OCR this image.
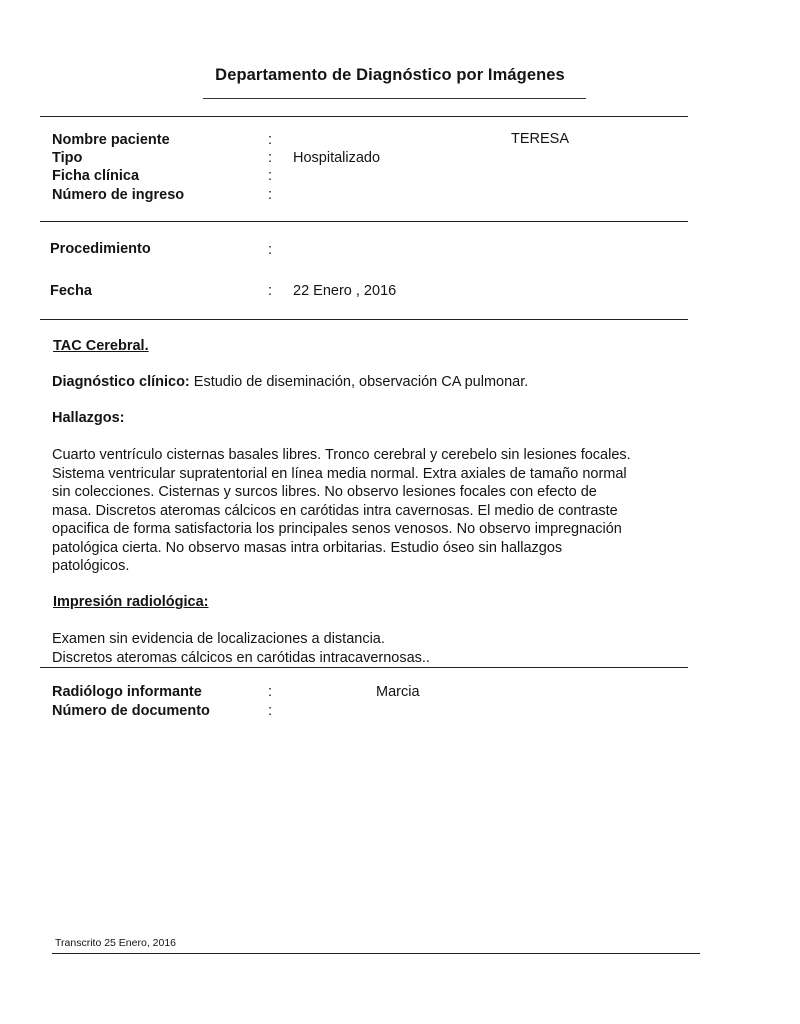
Departamento de Diagnóstico por Imágenes
Nombre paciente	:	TERESA
Tipo	: Hospitalizado
Ficha clínica	:
Número de ingreso	:
Procedimiento	:
Fecha	: 22 Enero , 2016
TAC Cerebral.
Diagnóstico clínico: Estudio de diseminación, observación CA pulmonar.
Hallazgos:
Cuarto ventrículo cisternas basales libres. Tronco cerebral y cerebelo sin lesiones focales.
Sistema ventricular supratentorial en línea media normal. Extra axiales de tamaño normal
sin colecciones. Cisternas y surcos libres. No observo lesiones focales con efecto de
masa. Discretos ateromas cálcicos en carótidas intra cavernosas. El medio de contraste
opacifica de forma satisfactoria los principales senos venosos. No observo impregnación
patológica cierta. No observo masas intra orbitarias. Estudio óseo sin hallazgos
patológicos.
Impresión radiológica:
Examen sin evidencia de localizaciones a distancia.
Discretos ateromas cálcicos en carótidas intracavernosas..
Radiólogo informante	:	Marcia
Número de documento	:
Transcrito 25 Enero, 2016
